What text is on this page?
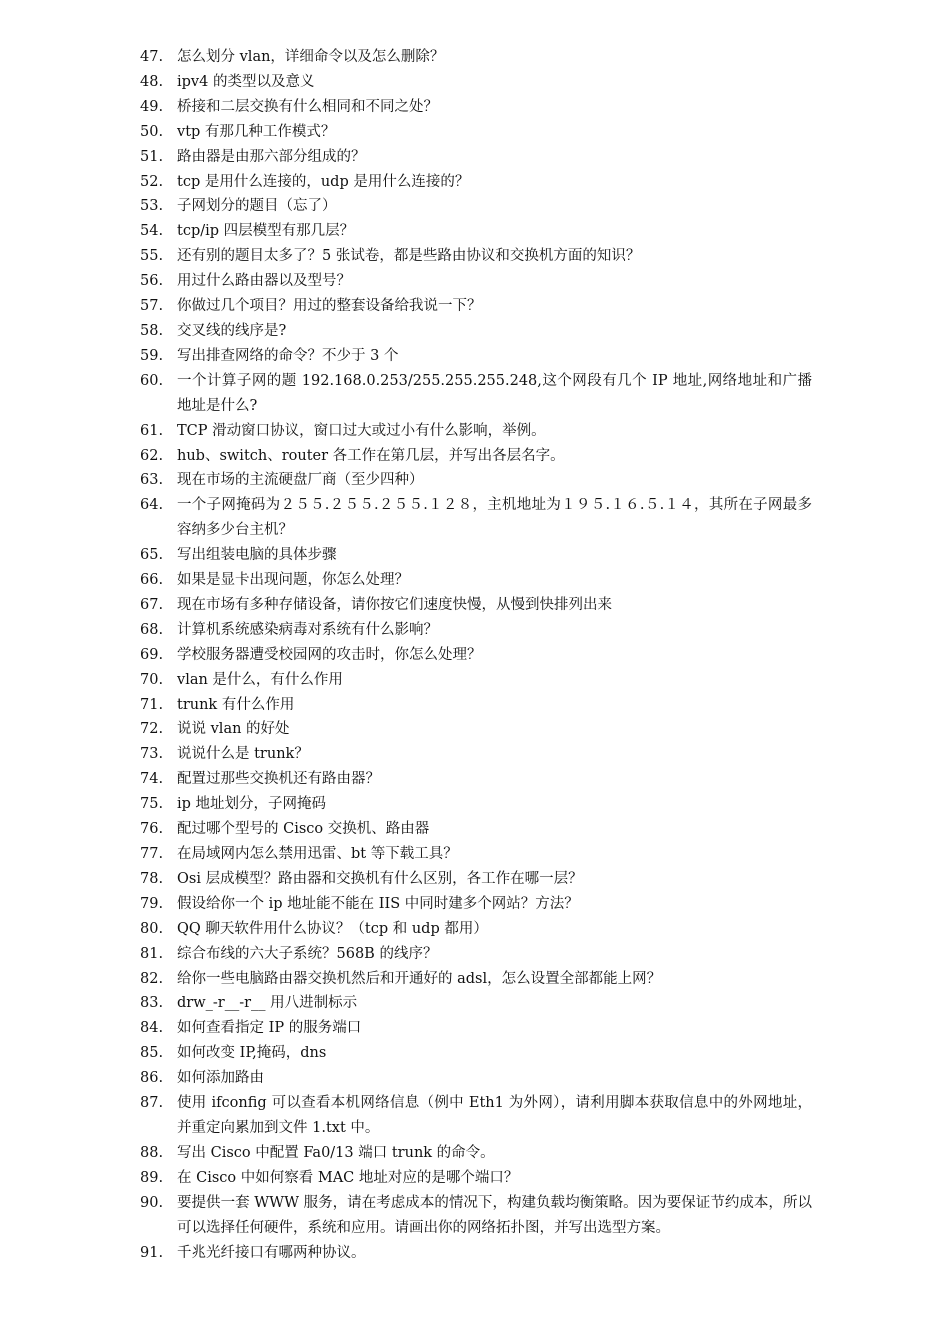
47. 怎么划分 vlan，详细命令以及怎么删除？
48. ipv4 的类型以及意义
49. 桥接和二层交换有什么相同和不同之处？
50. vtp 有那几种工作模式？
51. 路由器是由那六部分组成的？
52. tcp 是用什么连接的，udp 是用什么连接的？
53. 子网划分的题目（忘了）
54. tcp/ip 四层模型有那几层？
55. 还有别的题目太多了？5 张试卷，都是些路由协议和交换机方面的知识？
56. 用过什么路由器以及型号？
57. 你做过几个项目？用过的整套设备给我说一下？
58. 交叉线的线序是?
59. 写出排查网络的命令？不少于 3 个
60. 一个计算子网的题 192.168.0.253/255.255.255.248,这个网段有几个 IP 地址,网络地址和广播地址是什么?
61. TCP 滑动窗口协议，窗口过大或过小有什么影响，举例。
62. hub、switch、router 各工作在第几层，并写出各层名字。
63. 现在市场的主流硬盘厂商（至少四种）
64. 一个子网掩码为２５５.２５５.２５５.１２８，主机地址为１９５.１６.５.１４，其所在子网最多容纳多少台主机？
65. 写出组装电脑的具体步骤
66. 如果是显卡出现问题，你怎么处理？
67. 现在市场有多种存储设备，请你按它们速度快慢，从慢到快排列出来
68. 计算机系统感染病毒对系统有什么影响？
69. 学校服务器遭受校园网的攻击时，你怎么处理？
70. vlan 是什么，有什么作用
71. trunk 有什么作用
72. 说说 vlan 的好处
73. 说说什么是 trunk？
74. 配置过那些交换机还有路由器？
75. ip 地址划分，子网掩码
76. 配过哪个型号的 Cisco 交换机、路由器
77. 在局域网内怎么禁用迅雷、bt 等下载工具？
78. Osi 层成模型？路由器和交换机有什么区别，各工作在哪一层？
79. 假设给你一个 ip 地址能不能在 IIS 中同时建多个网站？方法？
80. QQ 聊天软件用什么协议？（tcp 和 udp 都用）
81. 综合布线的六大子系统？568B 的线序？
82. 给你一些电脑路由器交换机然后和开通好的 adsl，怎么设置全部都能上网？
83. drw_-r__-r__ 用八进制标示
84. 如何查看指定 IP 的服务端口
85. 如何改变 IP,掩码，dns
86. 如何添加路由
87. 使用 ifconfig 可以查看本机网络信息（例中 Eth1 为外网），请利用脚本获取信息中的外网地址，并重定向累加到文件 1.txt 中。
88. 写出 Cisco 中配置 Fa0/13 端口 trunk 的命令。
89. 在 Cisco 中如何察看 MAC 地址对应的是哪个端口？
90. 要提供一套 WWW 服务，请在考虑成本的情况下，构建负载均衡策略。因为要保证节约成本，所以可以选择任何硬件，系统和应用。请画出你的网络拓扑图，并写出选型方案。
91. 千兆光纤接口有哪两种协议。
